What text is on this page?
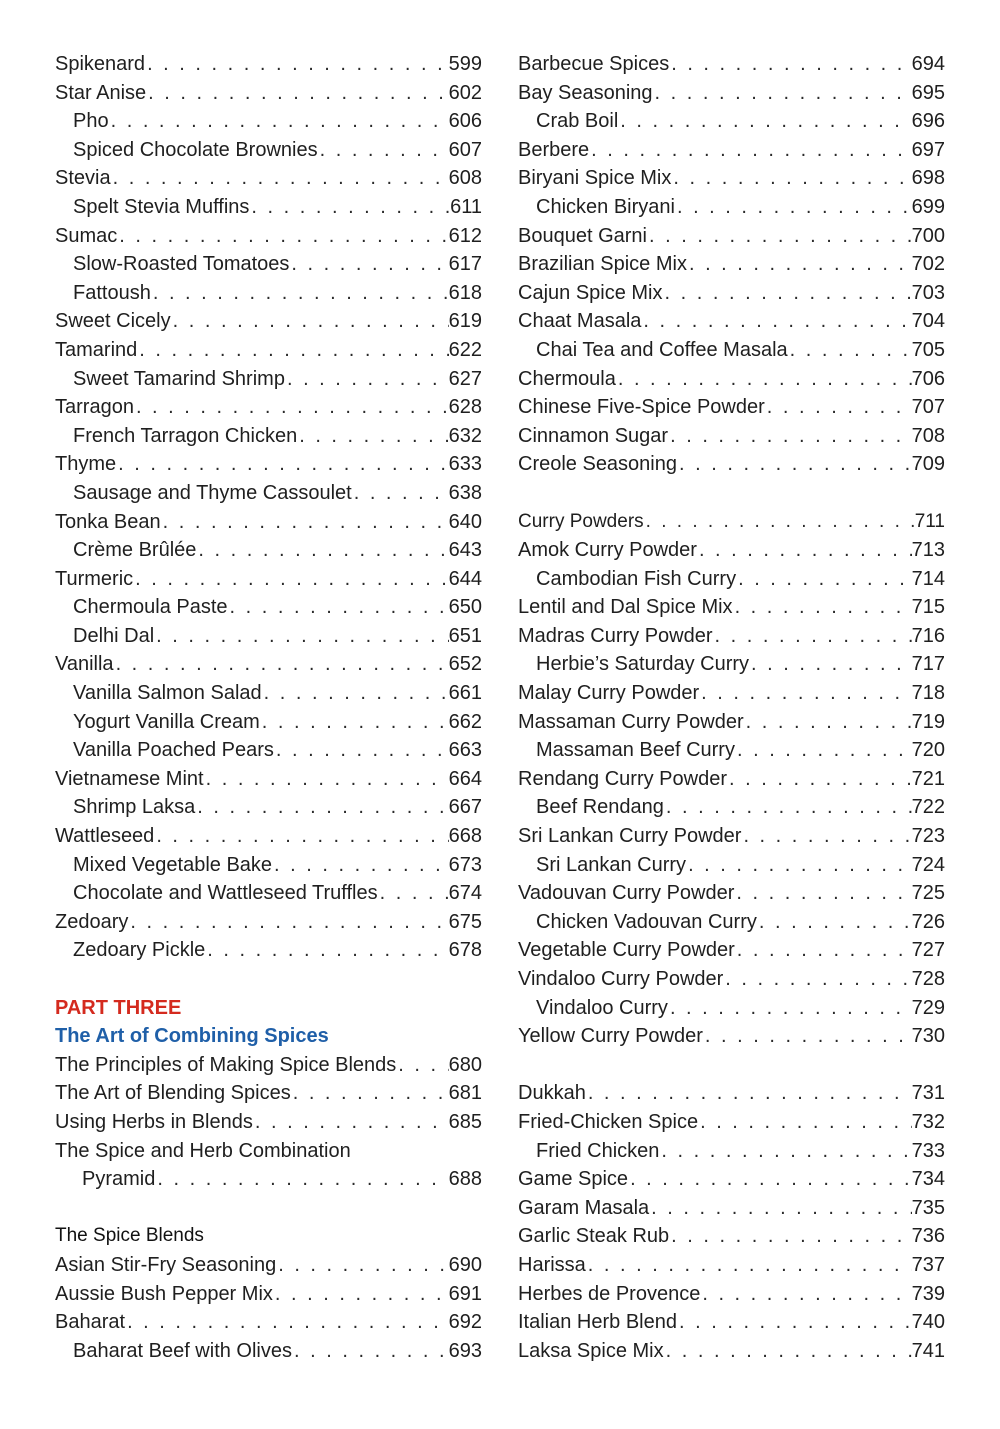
Spikenard . . .	599
Star Anise . . .	602
Pho . . .	606
Spiced Chocolate Brownies . . .	607
Stevia . . .	608
Spelt Stevia Muffins . . .	611
Sumac . . .	612
Slow-Roasted Tomatoes . . .	617
Fattoush . . .	618
Sweet Cicely . . .	619
Tamarind . . .	622
Sweet Tamarind Shrimp . . .	627
Tarragon . . .	628
French Tarragon Chicken . . .	632
Thyme . . .	633
Sausage and Thyme Cassoulet . . .	638
Tonka Bean . . .	640
Crème Brûlée . . .	643
Turmeric . . .	644
Chermoula Paste . . .	650
Delhi Dal . . .	651
Vanilla . . .	652
Vanilla Salmon Salad . . .	661
Yogurt Vanilla Cream . . .	662
Vanilla Poached Pears . . .	663
Vietnamese Mint . . .	664
Shrimp Laksa . . .	667
Wattleseed . . .	668
Mixed Vegetable Bake . . .	673
Chocolate and Wattleseed Truffles . . .	674
Zedoary . . .	675
Zedoary Pickle . . .	678
PART THREE
The Art of Combining Spices
The Principles of Making Spice Blends . . .	680
The Art of Blending Spices . . .	681
Using Herbs in Blends . . .	685
The Spice and Herb Combination
Pyramid . . .	688
The Spice Blends
Asian Stir-Fry Seasoning . . .	690
Aussie Bush Pepper Mix . . .	691
Baharat . . .	692
Baharat Beef with Olives . . .	693
Barbecue Spices . . .	694
Bay Seasoning . . .	695
Crab Boil . . .	696
Berbere . . .	697
Biryani Spice Mix . . .	698
Chicken Biryani . . .	699
Bouquet Garni . . .	700
Brazilian Spice Mix . . .	702
Cajun Spice Mix . . .	703
Chaat Masala . . .	704
Chai Tea and Coffee Masala . . .	705
Chermoula . . .	706
Chinese Five-Spice Powder . . .	707
Cinnamon Sugar . . .	708
Creole Seasoning . . .	709
Curry Powders . . .	711
Amok Curry Powder . . .	713
Cambodian Fish Curry . . .	714
Lentil and Dal Spice Mix . . .	715
Madras Curry Powder . . .	716
Herbie’s Saturday Curry . . .	717
Malay Curry Powder . . .	718
Massaman Curry Powder . . .	719
Massaman Beef Curry . . .	720
Rendang Curry Powder . . .	721
Beef Rendang . . .	722
Sri Lankan Curry Powder . . .	723
Sri Lankan Curry . . .	724
Vadouvan Curry Powder . . .	725
Chicken Vadouvan Curry . . .	726
Vegetable Curry Powder . . .	727
Vindaloo Curry Powder . . .	728
Vindaloo Curry . . .	729
Yellow Curry Powder . . .	730
Dukkah . . .	731
Fried-Chicken Spice . . .	732
Fried Chicken . . .	733
Game Spice . . .	734
Garam Masala . . .	735
Garlic Steak Rub . . .	736
Harissa . . .	737
Herbes de Provence . . .	739
Italian Herb Blend . . .	740
Laksa Spice Mix . . .	741
